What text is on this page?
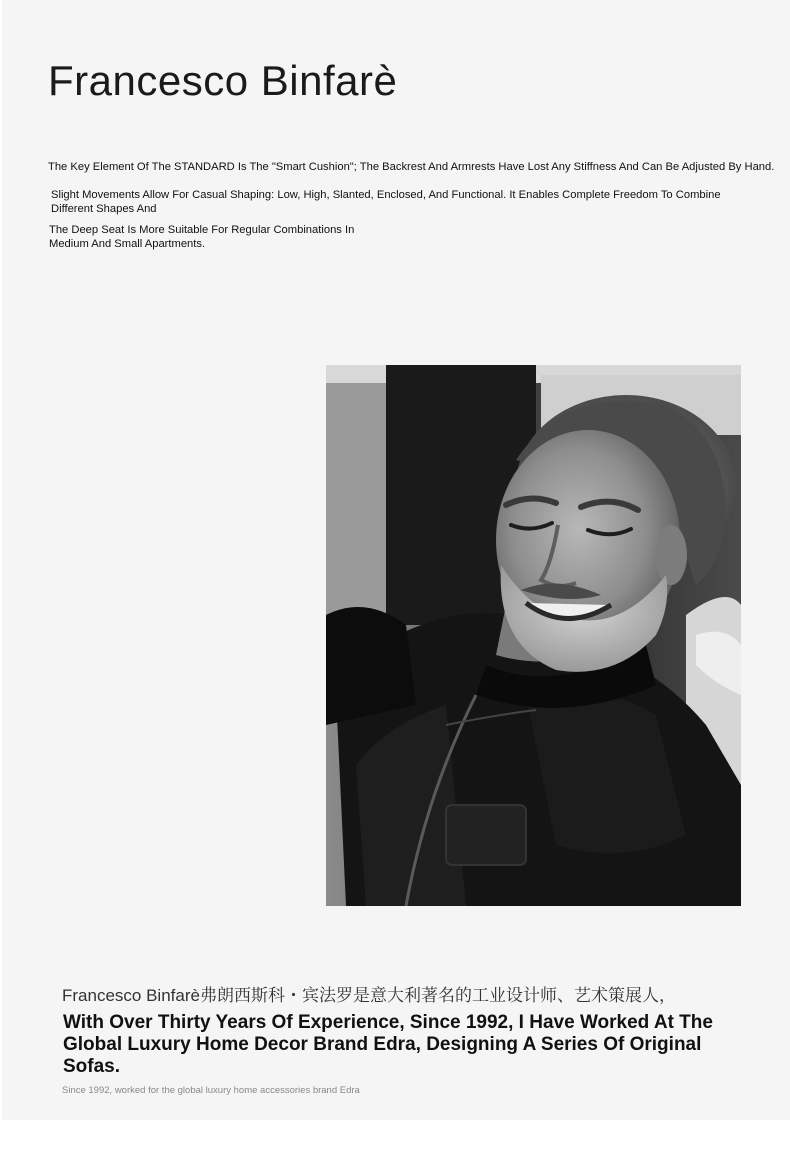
Francesco Binfarè

The Key Element Of The STANDARD Is The "Smart Cushion"; The Backrest And Armrests Have Lost Any Stiffness And Can Be Adjusted By Hand.

Slight Movements Allow For Casual Shaping: Low, High, Slanted, Enclosed, And Functional. It Enables Complete Freedom To Combine Different Shapes And

The Deep Seat Is More Suitable For Regular Combinations In Medium And Small Apartments.

Francesco Binfarè弗朗西斯科・宾法罗是意大利著名的工业设计师、艺术策展人，

With Over Thirty Years Of Experience, Since 1992, I Have Worked At The Global Luxury Home Decor Brand Edra, Designing A Series Of Original Sofas.

Since 1992, worked for the global luxury home accessories brand Edra
